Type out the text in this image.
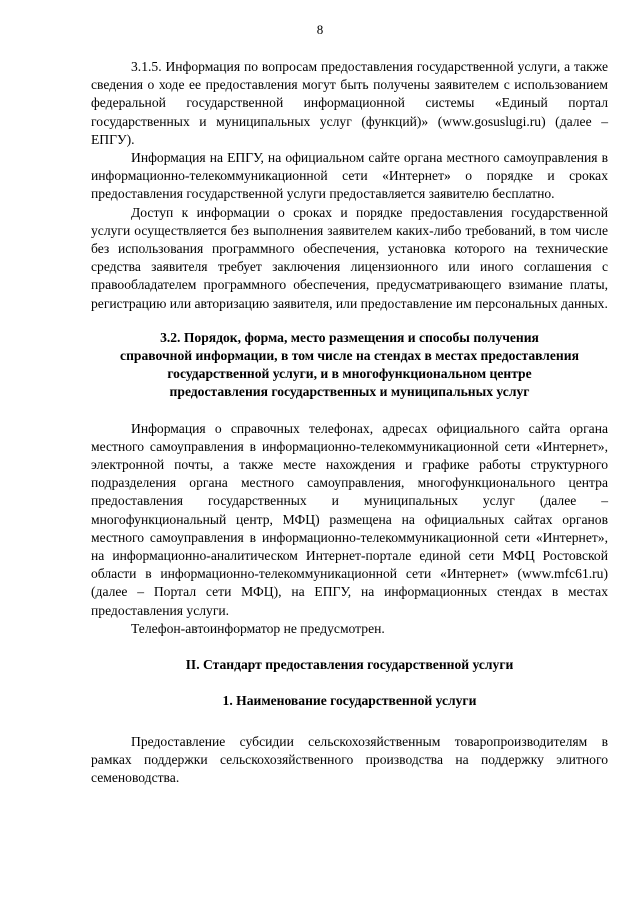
8

3.1.5. Информация по вопросам предоставления государственной услуги, а также сведения о ходе ее предоставления могут быть получены заявителем с использованием федеральной государственной информационной системы «Единый портал государственных и муниципальных услуг (функций)» (www.gosuslugi.ru) (далее – ЕПГУ).

Информация на ЕПГУ, на официальном сайте органа местного самоуправления в информационно-телекоммуникационной сети «Интернет» о порядке и сроках предоставления государственной услуги предоставляется заявителю бесплатно.

Доступ к информации о сроках и порядке предоставления государственной услуги осуществляется без выполнения заявителем каких-либо требований, в том числе без использования программного обеспечения, установка которого на технические средства заявителя требует заключения лицензионного или иного соглашения с правообладателем программного обеспечения, предусматривающего взимание платы, регистрацию или авторизацию заявителя, или предоставление им персональных данных.

3.2. Порядок, форма, место размещения и способы получения
справочной информации, в том числе на стендах в местах предоставления
государственной услуги, и в многофункциональном центре
предоставления государственных и муниципальных услуг

Информация о справочных телефонах, адресах официального сайта органа местного самоуправления в информационно-телекоммуникационной сети «Интернет», электронной почты, а также месте нахождения и графике работы структурного подразделения органа местного самоуправления, многофункционального центра предоставления государственных и муниципальных услуг (далее – многофункциональный центр, МФЦ) размещена на официальных сайтах органов местного самоуправления в информационно-телекоммуникационной сети «Интернет», на информационно-аналитическом Интернет-портале единой сети МФЦ Ростовской области в информационно-телекоммуникационной сети «Интернет» (www.mfc61.ru) (далее – Портал сети МФЦ), на ЕПГУ, на информационных стендах в местах предоставления услуги.

Телефон-автоинформатор не предусмотрен.

II. Стандарт предоставления государственной услуги
1. Наименование государственной услуги

Предоставление субсидии сельскохозяйственным товаропроизводителям в рамках поддержки сельскохозяйственного производства на поддержку элитного семеноводства.
